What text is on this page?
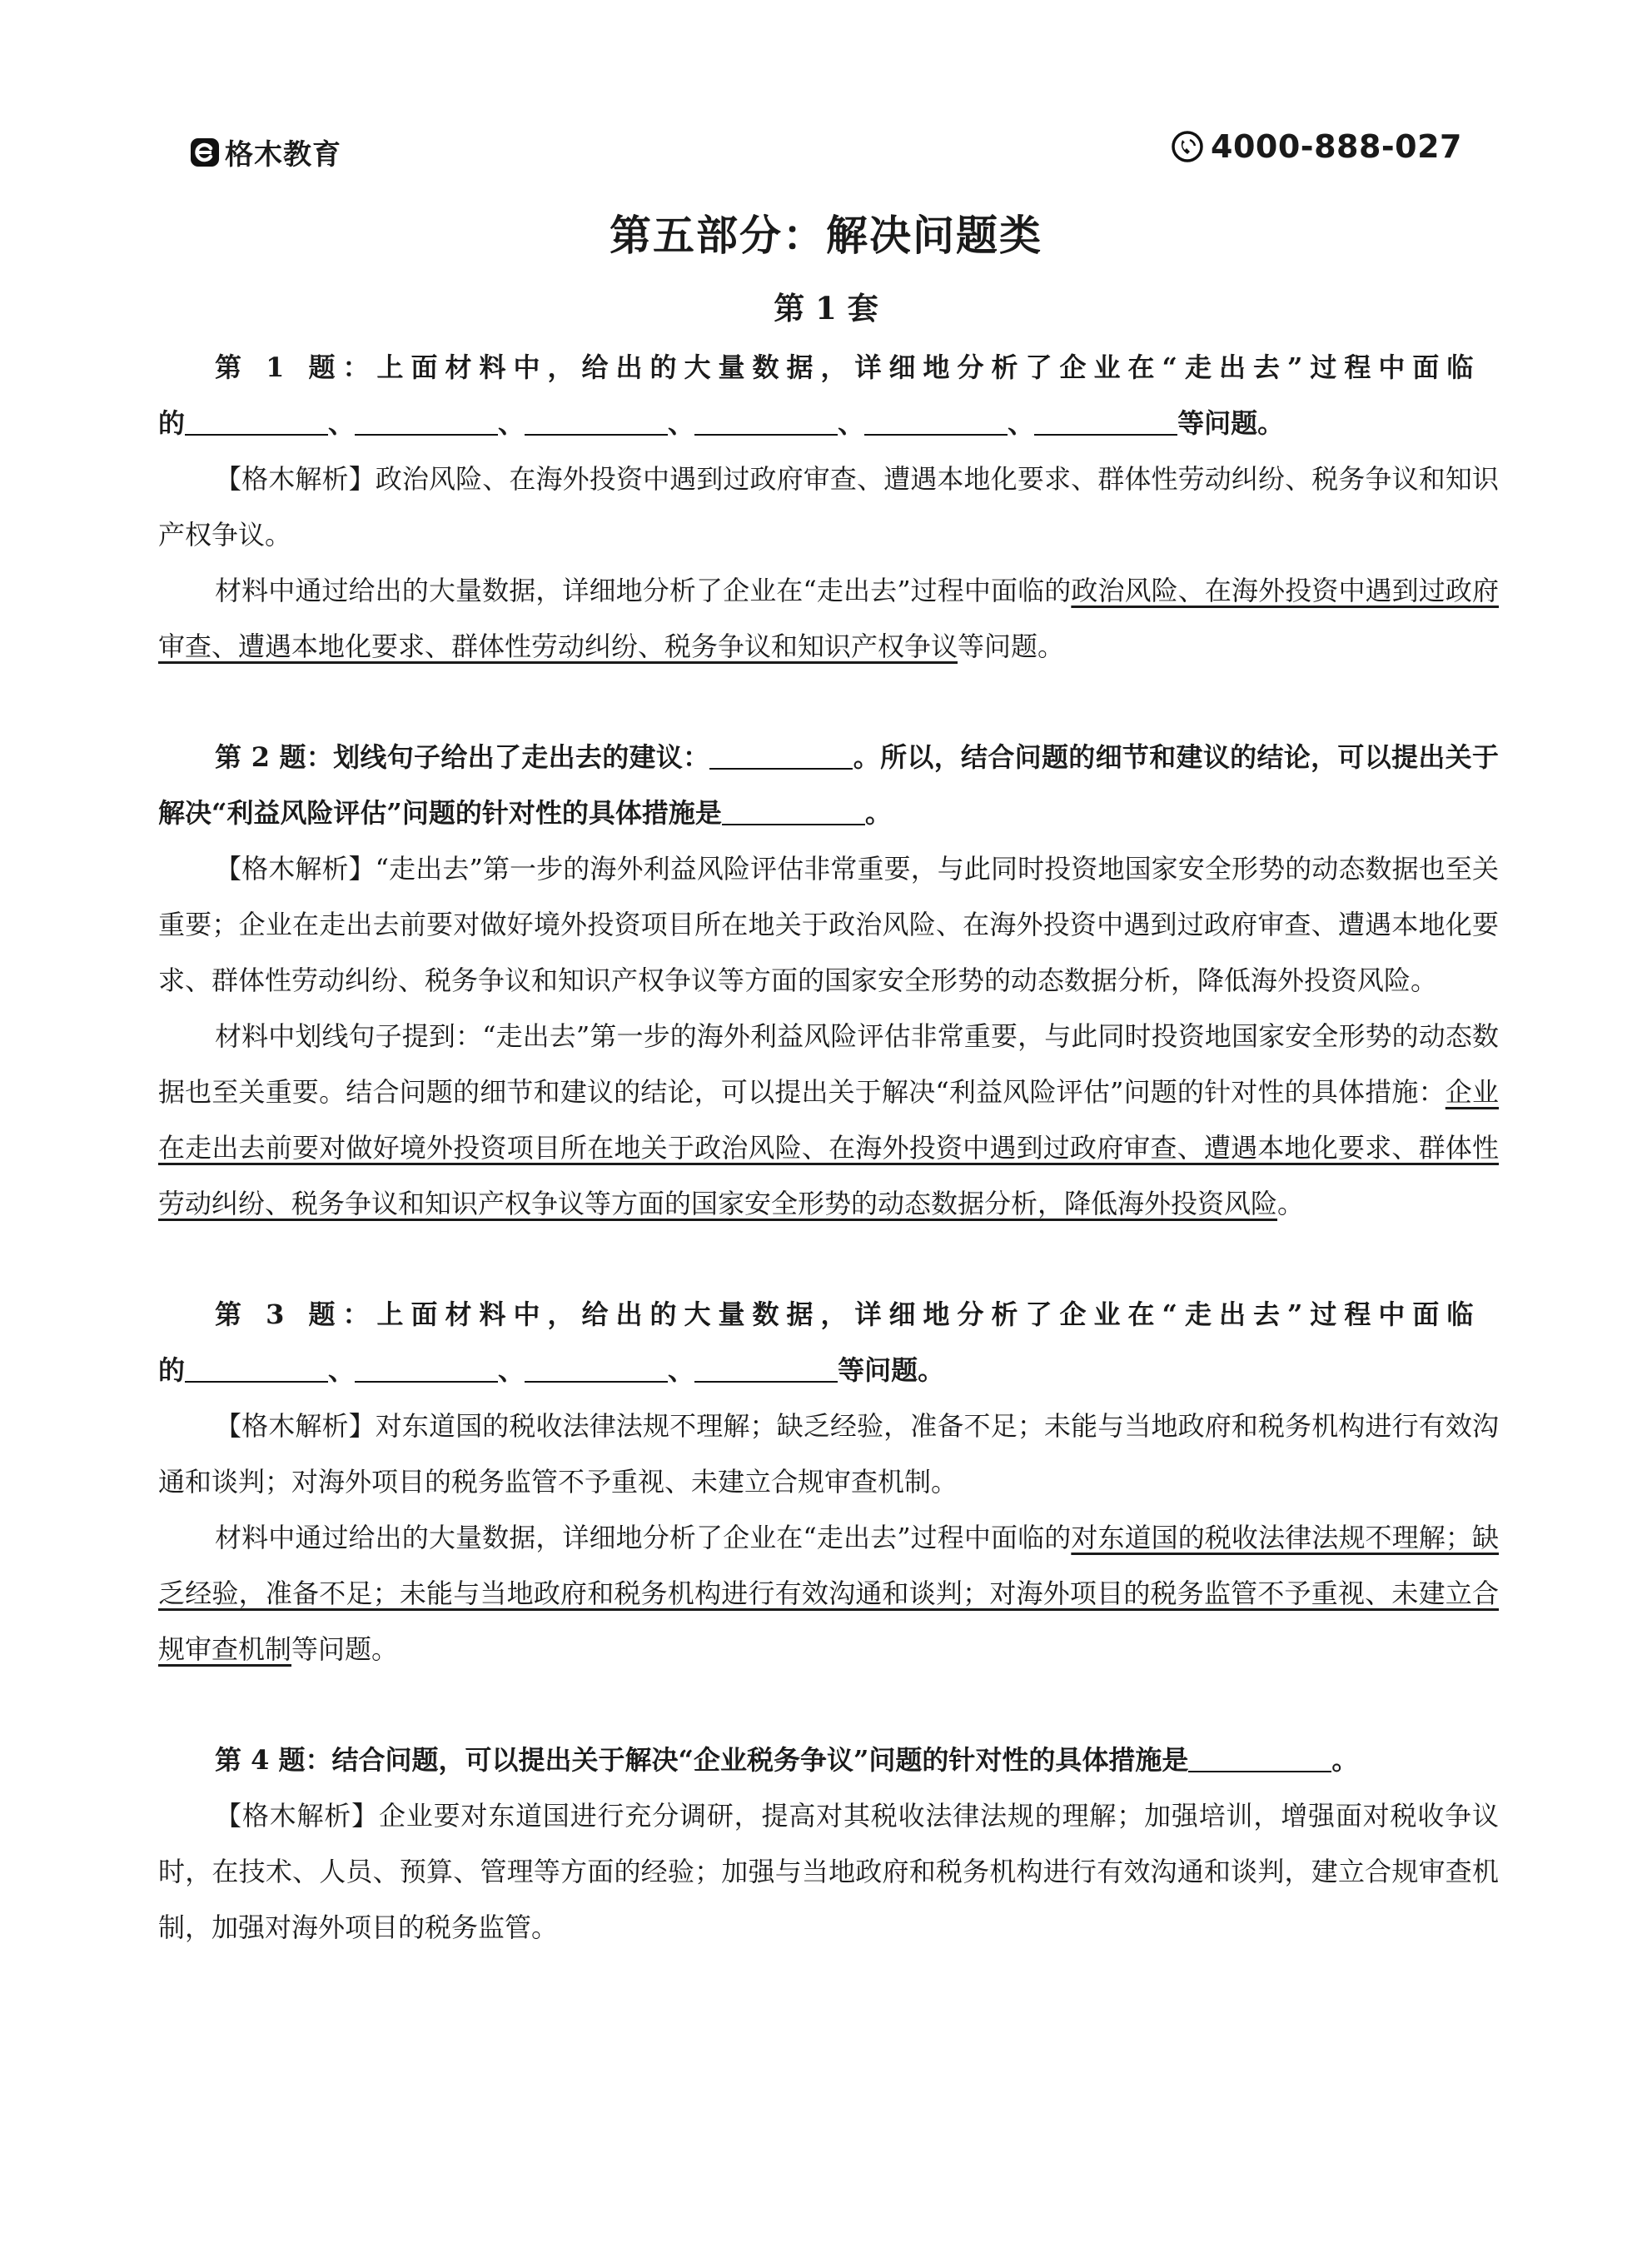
格木教育	4000-888-027
第五部分：解决问题类
第 1 套
第 1 题：上面材料中，给出的大量数据，详细地分析了企业在“走出去”过程中面临
的	、	、	、	、	、	等问题。
【格木解析】政治风险、在海外投资中遇到过政府审查、遭遇本地化要求、群体性劳动纠纷、税务争议和知识产权争议。
材料中通过给出的大量数据，详细地分析了企业在“走出去”过程中面临的政治风险、在海外投资中遇到过政府审查、遭遇本地化要求、群体性劳动纠纷、税务争议和知识产权争议等问题。
第 2 题：划线句子给出了走出去的建议：	。所以，结合问题的细节和建议的结论，可以提出关于解决“利益风险评估”问题的针对性的具体措施是	。
【格木解析】“走出去”第一步的海外利益风险评估非常重要，与此同时投资地国家安全形势的动态数据也至关重要；企业在走出去前要对做好境外投资项目所在地关于政治风险、在海外投资中遇到过政府审查、遭遇本地化要求、群体性劳动纠纷、税务争议和知识产权争议等方面的国家安全形势的动态数据分析，降低海外投资风险。
材料中划线句子提到：“走出去”第一步的海外利益风险评估非常重要，与此同时投资地国家安全形势的动态数据也至关重要。结合问题的细节和建议的结论，可以提出关于解决“利益风险评估”问题的针对性的具体措施：企业在走出去前要对做好境外投资项目所在地关于政治风险、在海外投资中遇到过政府审查、遭遇本地化要求、群体性劳动纠纷、税务争议和知识产权争议等方面的国家安全形势的动态数据分析，降低海外投资风险。
第 3 题：上面材料中，给出的大量数据，详细地分析了企业在“走出去”过程中面临
的	、	、	、	等问题。
【格木解析】对东道国的税收法律法规不理解；缺乏经验，准备不足；未能与当地政府和税务机构进行有效沟通和谈判；对海外项目的税务监管不予重视、未建立合规审查机制。
材料中通过给出的大量数据，详细地分析了企业在“走出去”过程中面临的对东道国的税收法律法规不理解；缺乏经验，准备不足；未能与当地政府和税务机构进行有效沟通和谈判；对海外项目的税务监管不予重视、未建立合规审查机制等问题。
第 4 题：结合问题，可以提出关于解决“企业税务争议”问题的针对性的具体措施是	。
【格木解析】企业要对东道国进行充分调研，提高对其税收法律法规的理解；加强培训，增强面对税收争议时，在技术、人员、预算、管理等方面的经验；加强与当地政府和税务机构进行有效沟通和谈判，建立合规审查机制，加强对海外项目的税务监管。
